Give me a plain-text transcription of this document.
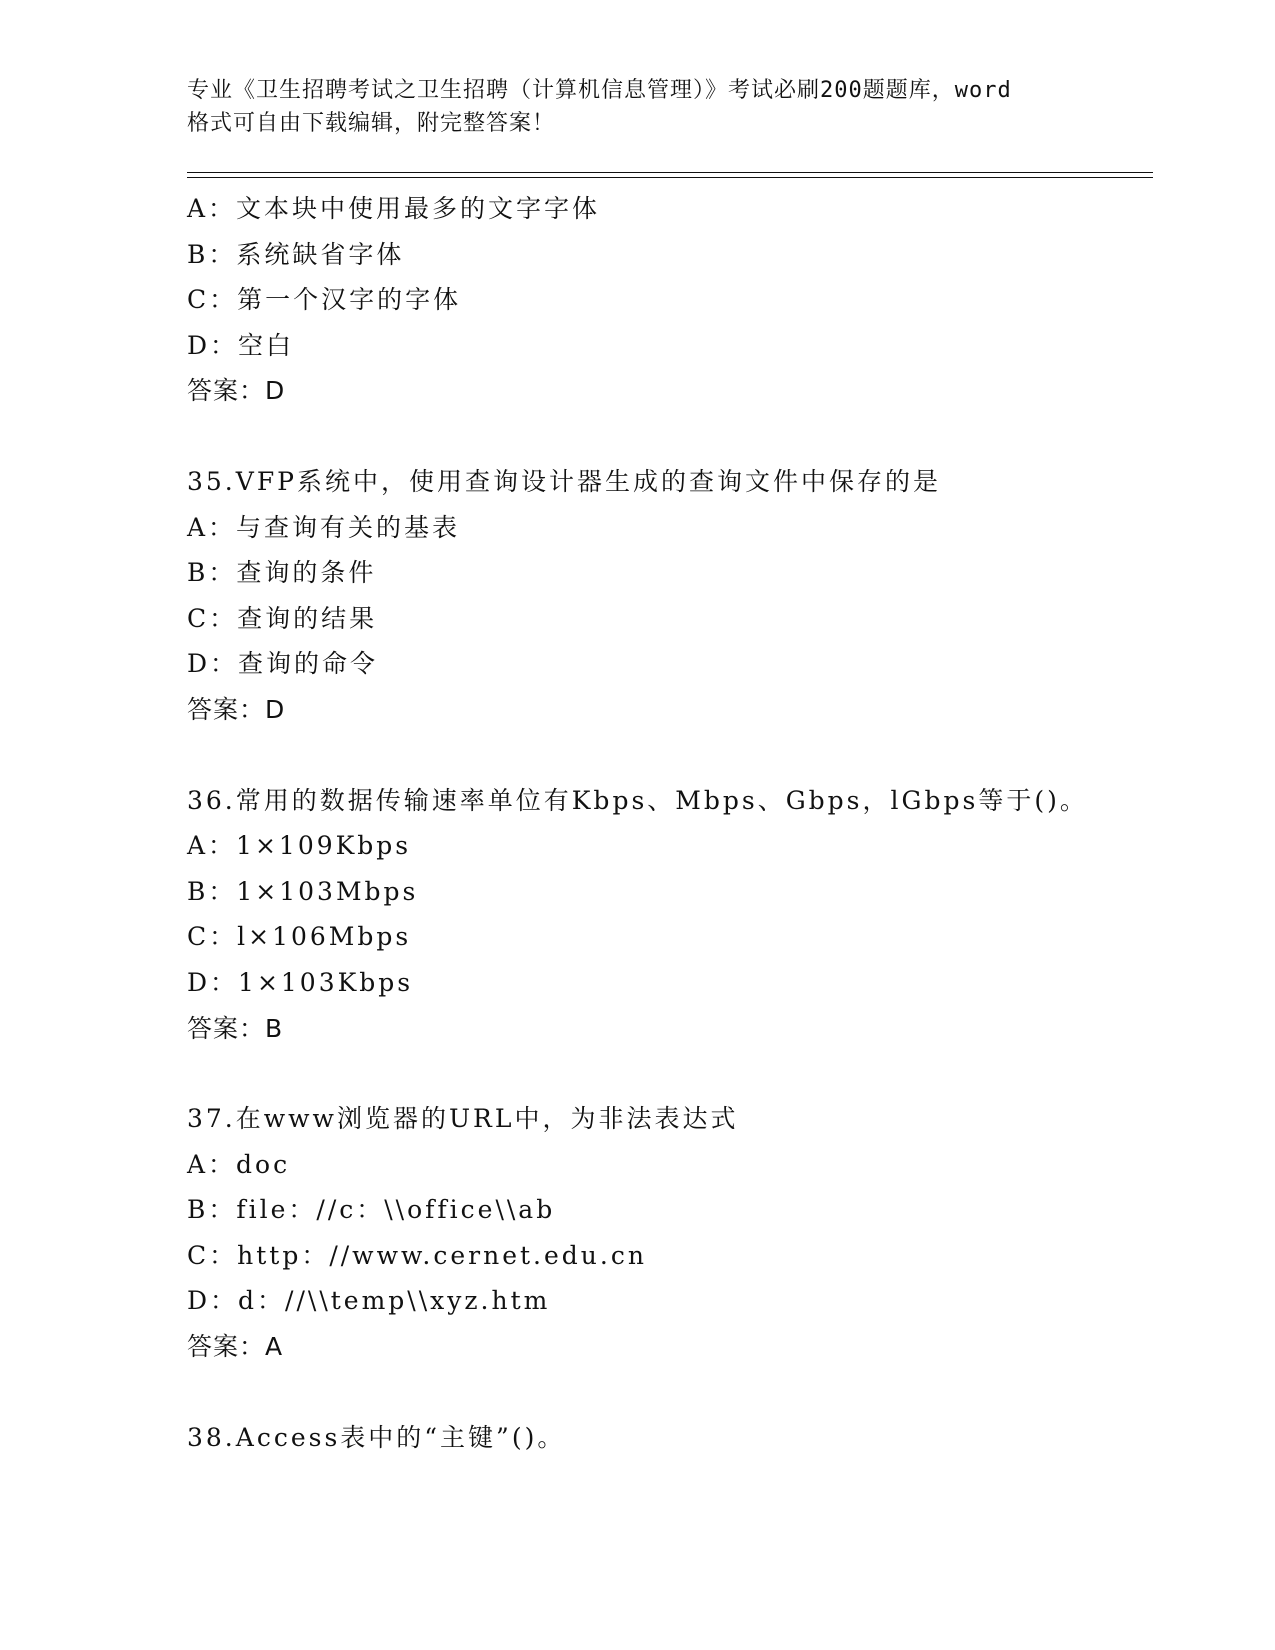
专业《卫生招聘考试之卫生招聘（计算机信息管理）》考试必刷200题题库，word
格式可自由下载编辑，附完整答案！
A：文本块中使用最多的文字字体
B：系统缺省字体
C：第一个汉字的字体
D：空白
答案：D
35.VFP系统中，使用查询设计器生成的查询文件中保存的是
A：与查询有关的基表
B：查询的条件
C：查询的结果
D：查询的命令
答案：D
36.常用的数据传输速率单位有Kbps、Mbps、Gbps，lGbps等于()。
A：1×109Kbps
B：1×103Mbps
C：l×106Mbps
D：1×103Kbps
答案：B
37.在www浏览器的URL中，为非法表达式
A：doc
B：file：//c：\\office\\ab
C：http：//www.cernet.edu.cn
D：d：//\\temp\\xyz.htm
答案：A
38.Access表中的“主键”()。
